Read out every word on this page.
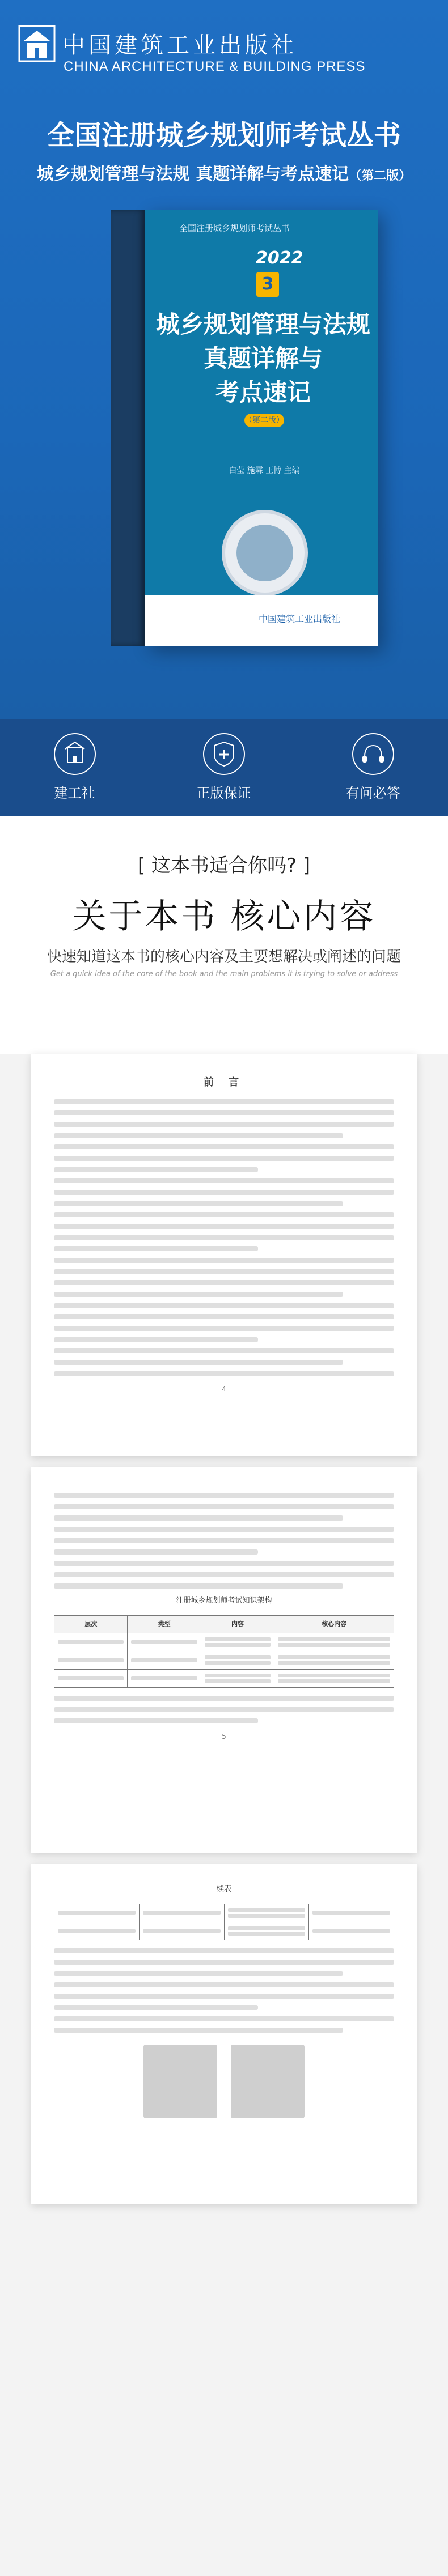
中国建筑工业出版社
CHINA ARCHITECTURE & BUILDING PRESS
全国注册城乡规划师考试丛书
城乡规划管理与法规 真题详解与考点速记（第二版）
全国注册城乡规划师考试丛书
2022
3
城乡规划管理与法规
真题详解与
考点速记
（第二版）
白莹 施霖 王博 主编
中国建筑工业出版社
建工社	正版保证	有问必答
[ 这本书适合你吗? ]
关于本书 核心内容
快速知道这本书的核心内容及主要想解决或阐述的问题
Get a quick idea of the core of the book and the main problems it is trying to solve or address
前 言
4
注册城乡规划师考试知识架构
层次	类型	内容	核心内容

5
续表
